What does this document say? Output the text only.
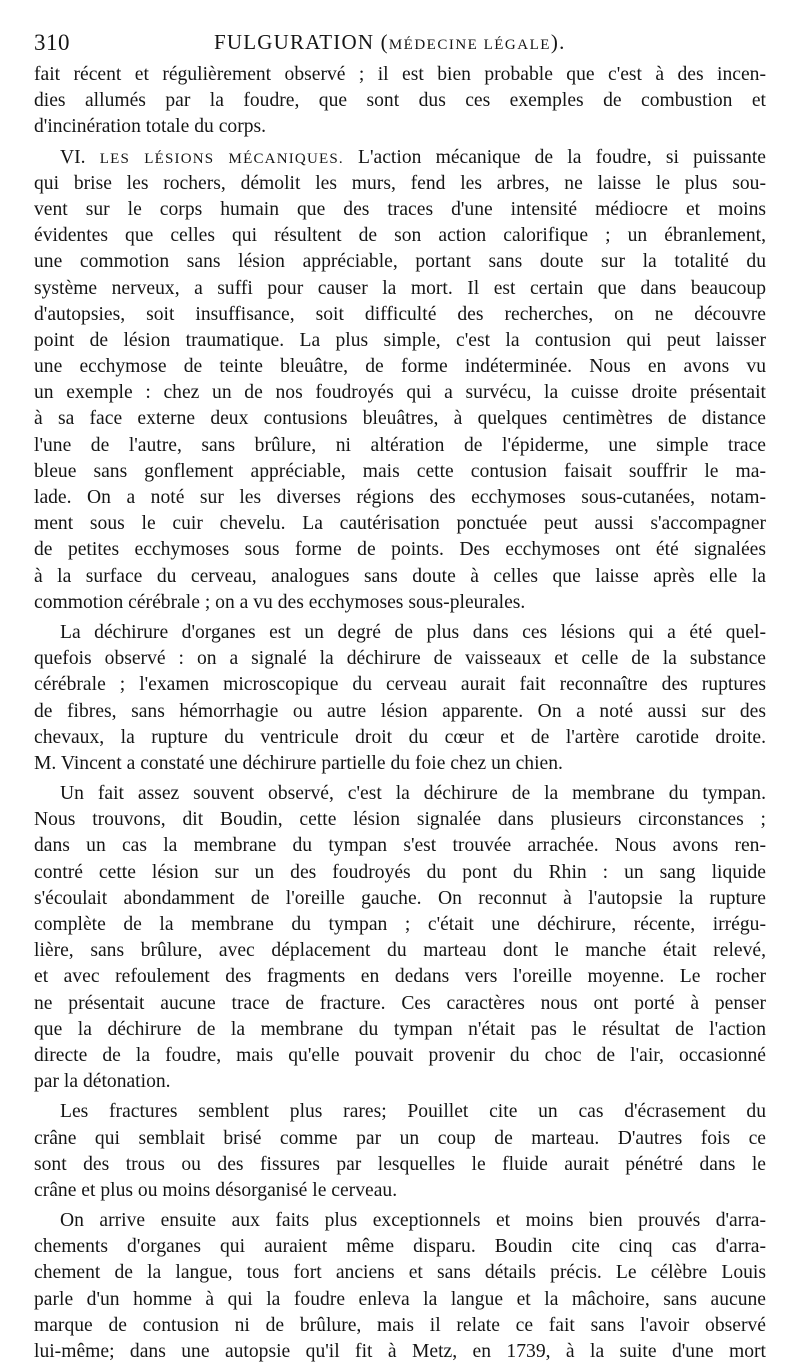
310	FULGURATION (MÉDECINE LÉGALE).
fait récent et régulièrement observé ; il est bien probable que c'est à des incen-
dies allumés par la foudre, que sont dus ces exemples de combustion et
d'incinération totale du corps.
VI. LES LÉSIONS MÉCANIQUES. L'action mécanique de la foudre, si puissante
qui brise les rochers, démolit les murs, fend les arbres, ne laisse le plus sou-
vent sur le corps humain que des traces d'une intensité médiocre et moins
évidentes que celles qui résultent de son action calorifique ; un ébranlement,
une commotion sans lésion appréciable, portant sans doute sur la totalité du
système nerveux, a suffi pour causer la mort. Il est certain que dans beaucoup
d'autopsies, soit insuffisance, soit difficulté des recherches, on ne découvre
point de lésion traumatique. La plus simple, c'est la contusion qui peut laisser
une ecchymose de teinte bleuâtre, de forme indéterminée. Nous en avons vu
un exemple : chez un de nos foudroyés qui a survécu, la cuisse droite présentait
à sa face externe deux contusions bleuâtres, à quelques centimètres de distance
l'une de l'autre, sans brûlure, ni altération de l'épiderme, une simple trace
bleue sans gonflement appréciable, mais cette contusion faisait souffrir le ma-
lade. On a noté sur les diverses régions des ecchymoses sous-cutanées, notam-
ment sous le cuir chevelu. La cautérisation ponctuée peut aussi s'accompagner
de petites ecchymoses sous forme de points. Des ecchymoses ont été signalées
à la surface du cerveau, analogues sans doute à celles que laisse après elle la
commotion cérébrale ; on a vu des ecchymoses sous-pleurales.
La déchirure d'organes est un degré de plus dans ces lésions qui a été quel-
quefois observé : on a signalé la déchirure de vaisseaux et celle de la substance
cérébrale ; l'examen microscopique du cerveau aurait fait reconnaître des ruptures
de fibres, sans hémorrhagie ou autre lésion apparente. On a noté aussi sur des
chevaux, la rupture du ventricule droit du cœur et de l'artère carotide droite.
M. Vincent a constaté une déchirure partielle du foie chez un chien.
Un fait assez souvent observé, c'est la déchirure de la membrane du tympan.
Nous trouvons, dit Boudin, cette lésion signalée dans plusieurs circonstances ;
dans un cas la membrane du tympan s'est trouvée arrachée. Nous avons ren-
contré cette lésion sur un des foudroyés du pont du Rhin : un sang liquide
s'écoulait abondamment de l'oreille gauche. On reconnut à l'autopsie la rupture
complète de la membrane du tympan ; c'était une déchirure, récente, irrégu-
lière, sans brûlure, avec déplacement du marteau dont le manche était relevé,
et avec refoulement des fragments en dedans vers l'oreille moyenne. Le rocher
ne présentait aucune trace de fracture. Ces caractères nous ont porté à penser
que la déchirure de la membrane du tympan n'était pas le résultat de l'action
directe de la foudre, mais qu'elle pouvait provenir du choc de l'air, occasionné
par la détonation.
Les fractures semblent plus rares; Pouillet cite un cas d'écrasement du
crâne qui semblait brisé comme par un coup de marteau. D'autres fois ce
sont des trous ou des fissures par lesquelles le fluide aurait pénétré dans le
crâne et plus ou moins désorganisé le cerveau.
On arrive ensuite aux faits plus exceptionnels et moins bien prouvés d'arra-
chements d'organes qui auraient même disparu. Boudin cite cinq cas d'arra-
chement de la langue, tous fort anciens et sans détails précis. Le célèbre Louis
parle d'un homme à qui la foudre enleva la langue et la mâchoire, sans aucune
marque de contusion ni de brûlure, mais il relate ce fait sans l'avoir observé
lui-même; dans une autopsie qu'il fit à Metz, en 1739, à la suite d'une mort
